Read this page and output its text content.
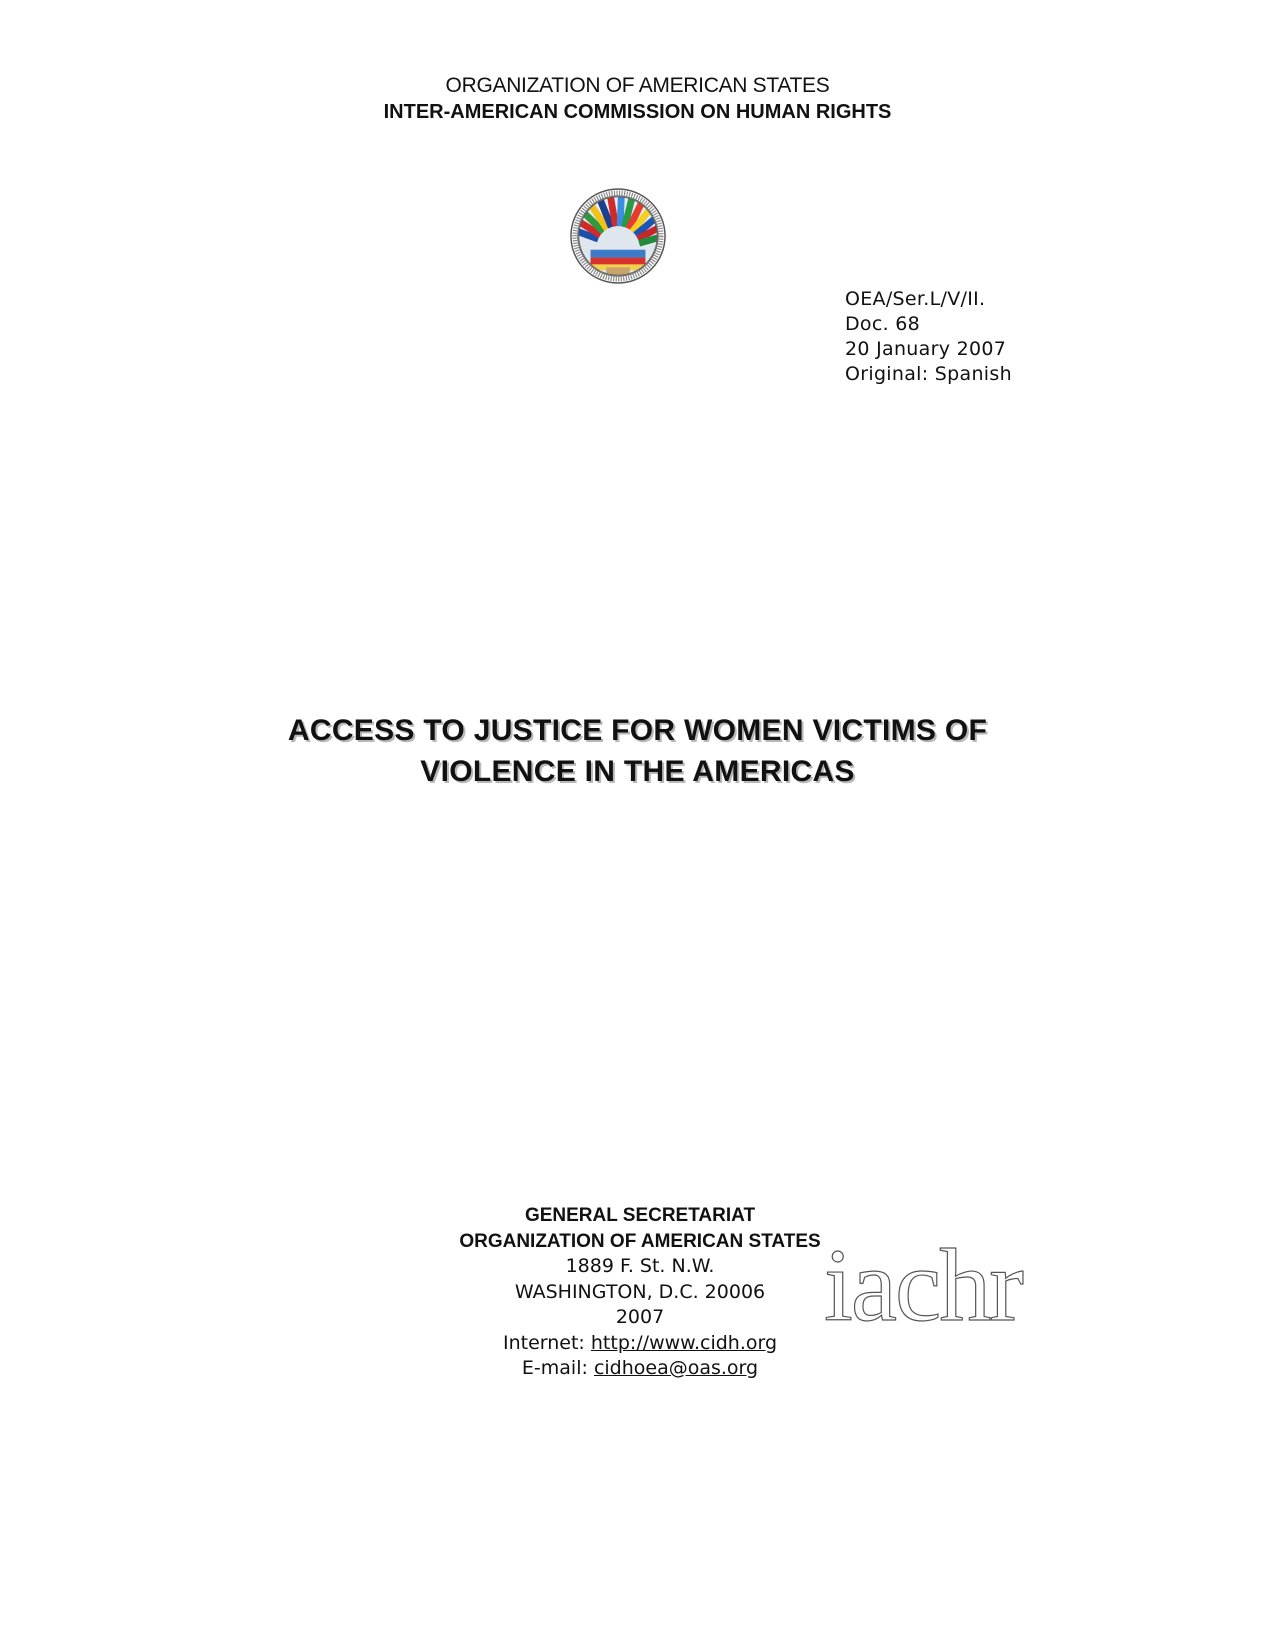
ORGANIZATION OF AMERICAN STATES
INTER-AMERICAN COMMISSION ON HUMAN RIGHTS
OEA/Ser.L/V/II.
Doc. 68
20 January 2007
Original: Spanish
ACCESS TO JUSTICE FOR WOMEN VICTIMS OF
VIOLENCE IN THE AMERICAS
GENERAL SECRETARIAT
ORGANIZATION OF AMERICAN STATES
1889 F. St. N.W.
WASHINGTON, D.C. 20006
2007
Internet: http://www.cidh.org
E-mail: cidhoea@oas.org
iachr
